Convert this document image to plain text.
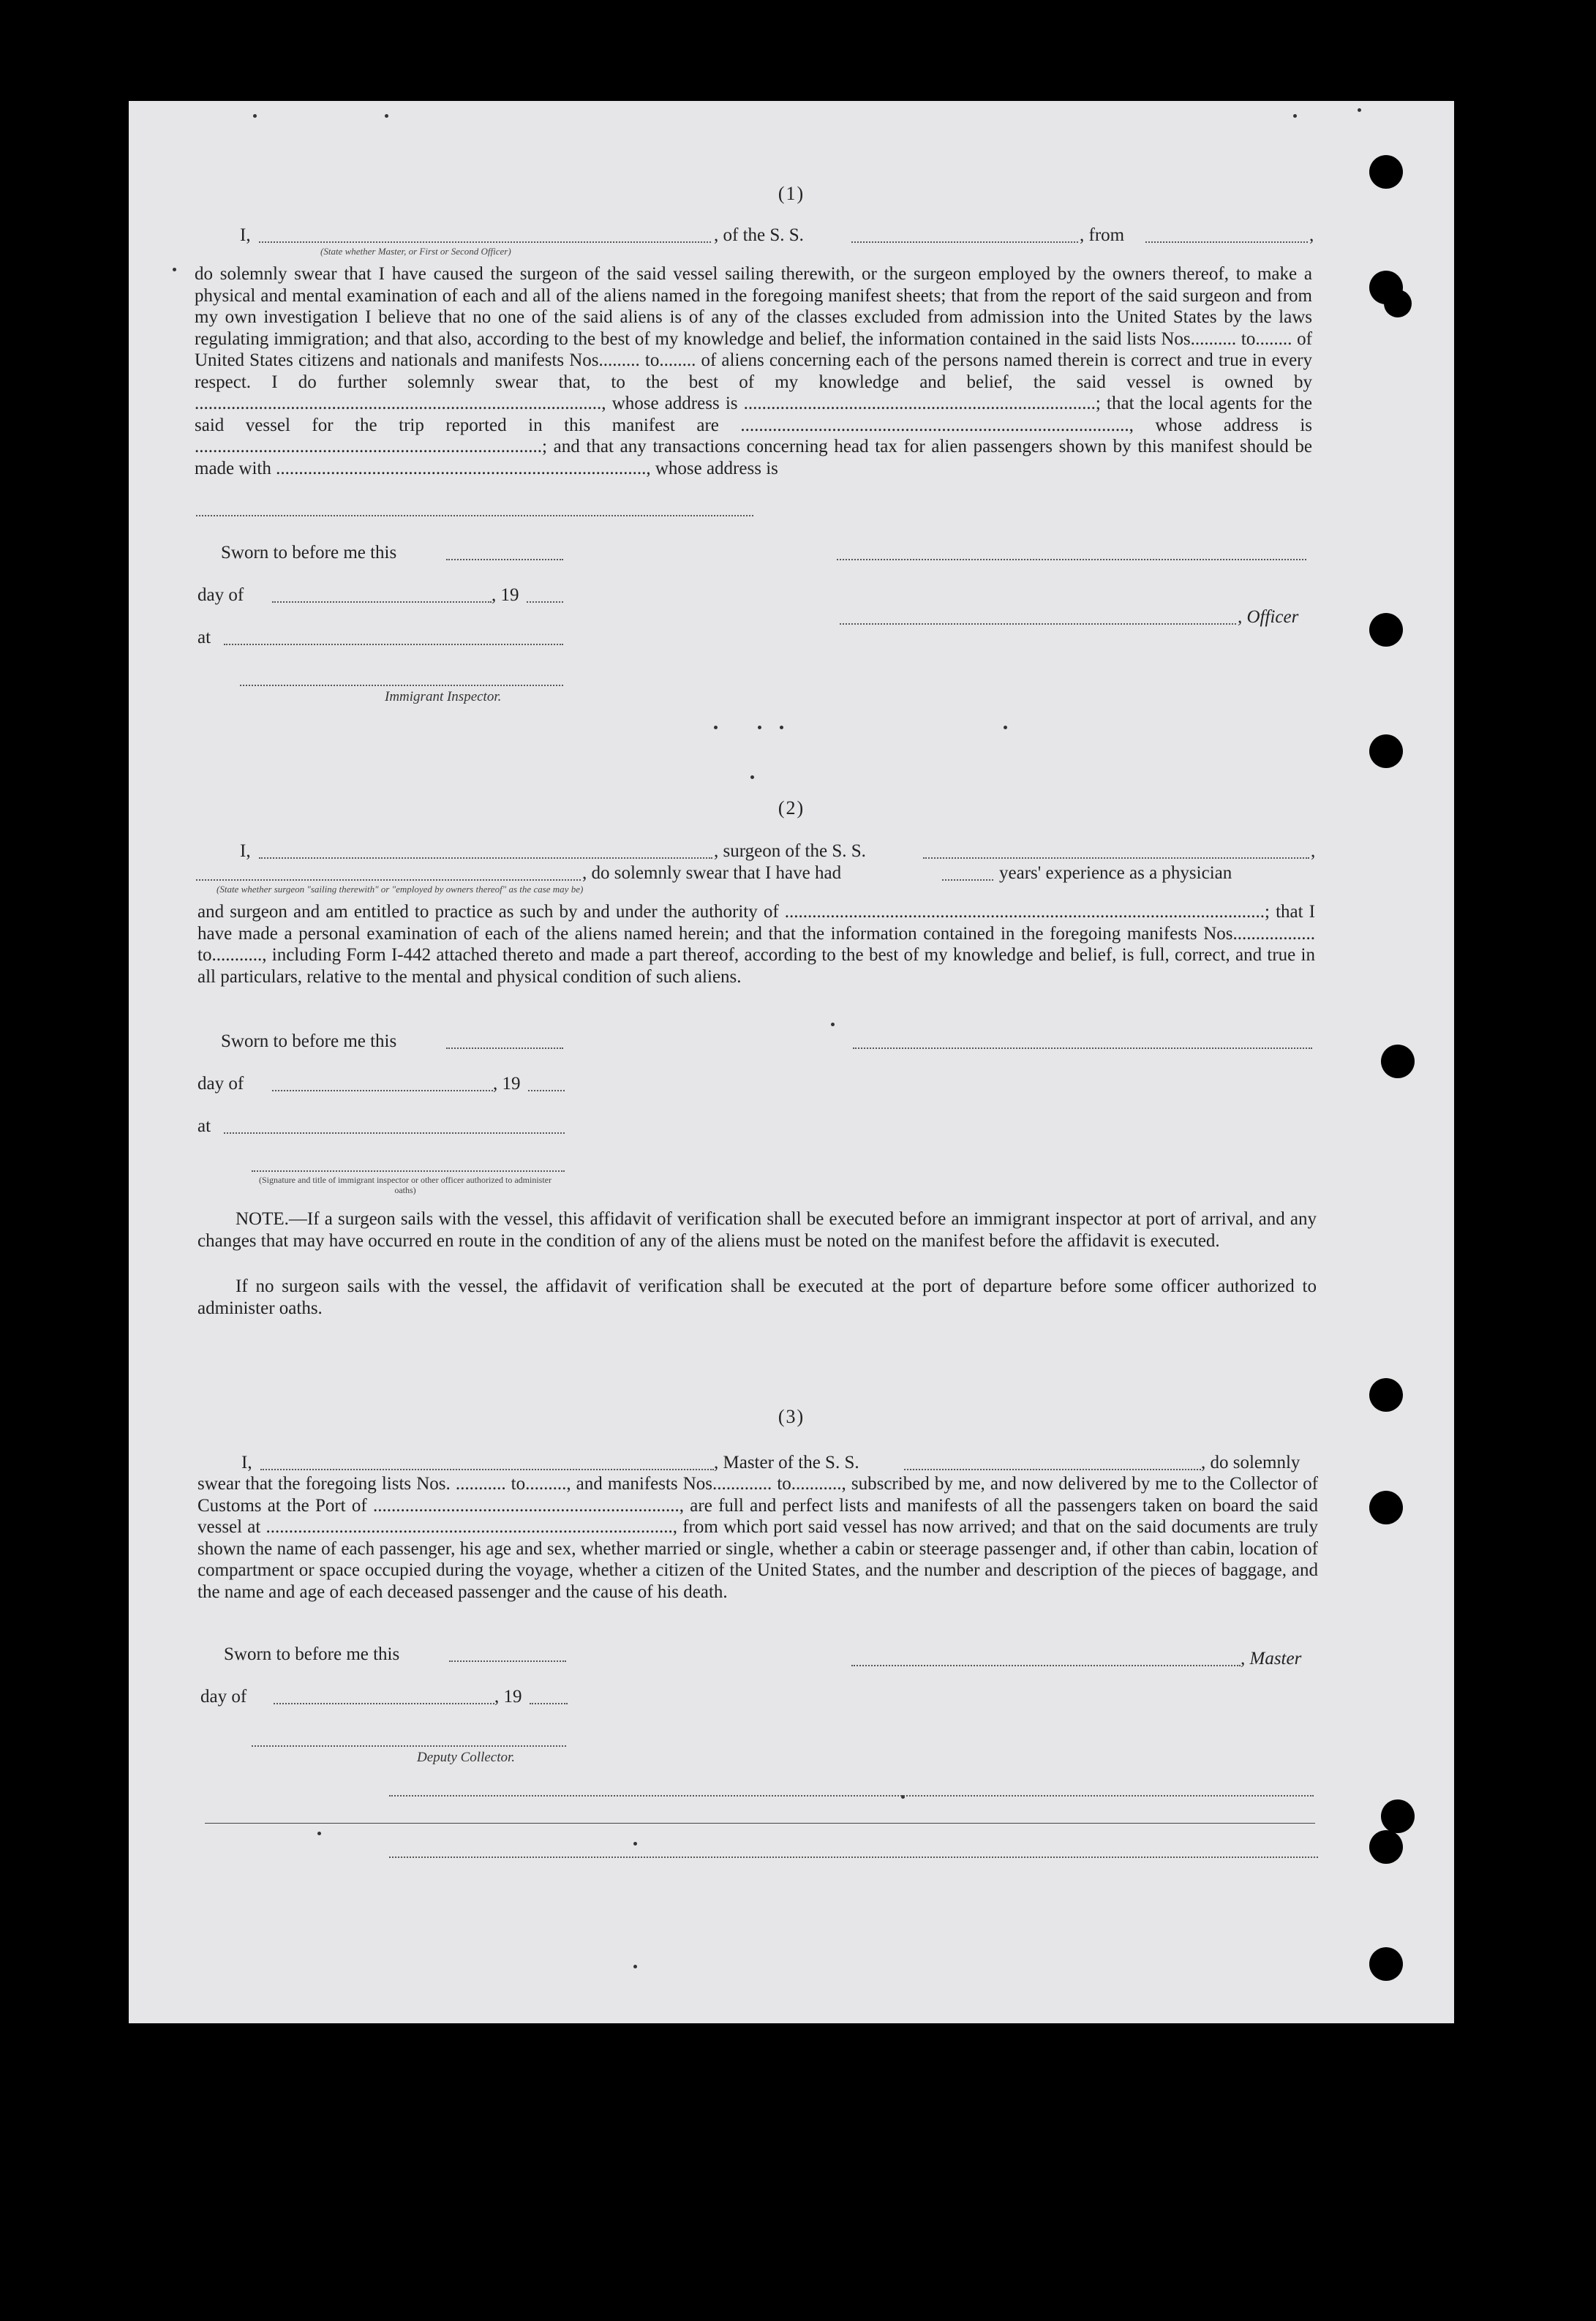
(1)
I,	, of the S. S.	, from	,
(State whether Master, or First or Second Officer)
do solemnly swear that I have caused the surgeon of the said vessel sailing therewith, or the surgeon employed by the owners thereof, to make a physical and mental examination of each and all of the aliens named in the foregoing manifest sheets; that from the report of the said surgeon and from my own investigation I believe that no one of the said aliens is of any of the classes excluded from admission into the United States by the laws regulating immigration; and that also, according to the best of my knowledge and belief, the information contained in the said lists Nos.......... to........ of United States citizens and nationals and manifests Nos......... to........ of aliens concerning each of the persons named therein is correct and true in every respect. I do further solemnly swear that, to the best of my knowledge and belief, the said vessel is owned by ........................................................................................., whose address is .............................................................................; that the local agents for the said vessel for the trip reported in this manifest are ....................................................................................., whose address is ............................................................................; and that any transactions concerning head tax for alien passengers shown by this manifest should be made with ................................................................................., whose address is
Sworn to before me this
day of	, 19
, Officer
at
Immigrant Inspector.
(2)
I,	, surgeon of the S. S.	,
, do solemnly swear that I have had	years' experience as a physician
(State whether surgeon "sailing therewith" or "employed by owners thereof" as the case may be)
and surgeon and am entitled to practice as such by and under the authority of .........................................................................................................; that I have made a personal examination of each of the aliens named herein; and that the information contained in the foregoing manifests Nos.................. to..........., including Form I-442 attached thereto and made a part thereof, according to the best of my knowledge and belief, is full, correct, and true in all particulars, relative to the mental and physical condition of such aliens.
Sworn to before me this
day of	, 19
at
(Signature and title of immigrant inspector or other officer authorized to administer oaths)
NOTE.—If a surgeon sails with the vessel, this affidavit of verification shall be executed before an immigrant inspector at port of arrival, and any changes that may have occurred en route in the condition of any of the aliens must be noted on the manifest before the affidavit is executed.
If no surgeon sails with the vessel, the affidavit of verification shall be executed at the port of departure before some officer authorized to administer oaths.
(3)
I,	, Master of the S. S.	, do solemnly
swear that the foregoing lists Nos. ........... to........., and manifests Nos............. to..........., subscribed by me, and now delivered by me to the Collector of Customs at the Port of ..................................................................., are full and perfect lists and manifests of all the passengers taken on board the said vessel at ........................................................................................., from which port said vessel has now arrived; and that on the said documents are truly shown the name of each passenger, his age and sex, whether married or single, whether a cabin or steerage passenger and, if other than cabin, location of compartment or space occupied during the voyage, whether a citizen of the United States, and the number and description of the pieces of baggage, and the name and age of each deceased passenger and the cause of his death.
Sworn to before me this	, Master
day of	, 19
Deputy Collector.
